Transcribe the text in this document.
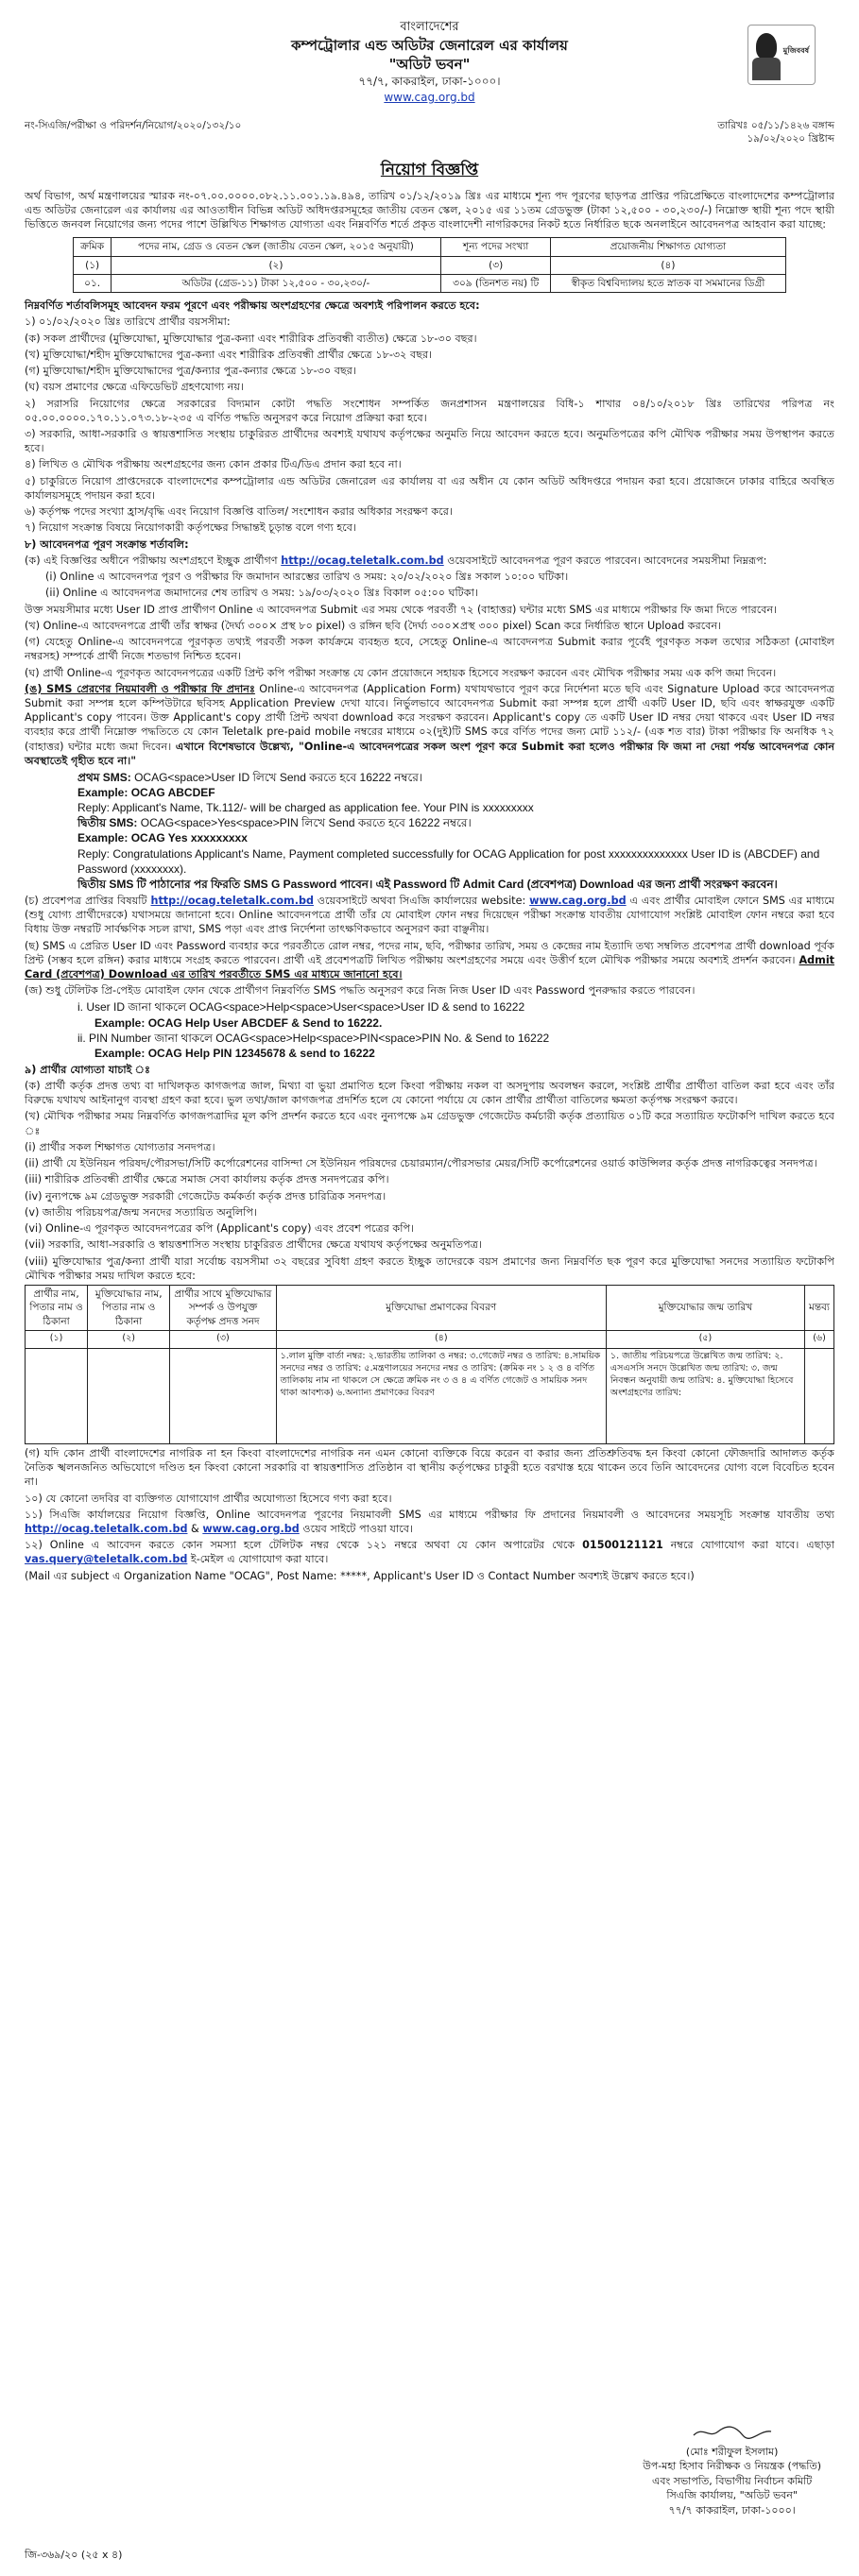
বাংলাদেশের
কম্পট্রোলার এন্ড অডিটর জেনারেল এর কার্যালয়
"অডিট ভবন"
৭৭/৭, কাকরাইল, ঢাকা-১০০০।
www.cag.org.bd
মুজিববর্ষ
নং-সিএজি/পরীক্ষা ও পরিদর্শন/নিয়োগ/২০২০/১৩২/১০	তারিখঃ ০৫/১১/১৪২৬ বঙ্গাব্দ
১৯/০২/২০২০ খ্রিষ্টাব্দ
নিয়োগ বিজ্ঞপ্তি

অর্থ বিভাগ, অর্থ মন্ত্রণালয়ের স্মারক নং-০৭.০০.০০০০.০৮২.১১.০০১.১৯.৪৯৪, তারিখ ০১/১২/২০১৯ খ্রিঃ এর মাধ্যমে শূন্য পদ পূরণের ছাড়পত্র প্রাপ্তির পরিপ্রেক্ষিতে বাংলাদেশের কম্পট্রোলার এন্ড অডিটর জেনারেল এর কার্যালয় এর আওতাধীন বিভিন্ন অডিট অধিদপ্তরসমূহের জাতীয় বেতন স্কেল, ২০১৫ এর ১১তম গ্রেডভুক্ত (টাকা ১২,৫০০ - ৩০,২৩০/-) নিম্নোক্ত স্থায়ী শূন্য পদে স্থায়ী ভিত্তিতে জনবল নিয়োগের জন্য পদের পাশে উল্লিখিত শিক্ষাগত যোগ্যতা এবং নিম্নবর্ণিত শর্তে প্রকৃত বাংলাদেশী নাগরিকদের নিকট হতে নির্ধারিত ছকে অনলাইনে আবেদনপত্র আহবান করা যাচ্ছে:

ক্রমিক	পদের নাম, গ্রেড ও বেতন স্কেল (জাতীয় বেতন স্কেল, ২০১৫ অনুযায়ী)	শূন্য পদের সংখ্যা	প্রয়োজনীয় শিক্ষাগত যোগ্যতা
(১)	(২)	(৩)	(৪)
০১.	অডিটর (গ্রেড-১১) টাকা ১২,৫০০ - ৩০,২৩০/-	৩০৯ (তিনশত নয়) টি	স্বীকৃত বিশ্ববিদ্যালয় হতে স্নাতক বা সমমানের ডিগ্রী

নিম্নবর্ণিত শর্তাবলিসমূহ আবেদন ফরম পূরণে এবং পরীক্ষায় অংশগ্রহণের ক্ষেত্রে অবশ্যই পরিপালন করতে হবে:

১) ০১/০২/২০২০ খ্রিঃ তারিখে প্রার্থীর বয়সসীমা:

(ক) সকল প্রার্থীদের (মুক্তিযোদ্ধা, মুক্তিযোদ্ধার পুত্র-কন্যা এবং শারীরিক প্রতিবন্ধী ব্যতীত) ক্ষেত্রে ১৮-৩০ বছর।

(খ) মুক্তিযোদ্ধা/শহীদ মুক্তিযোদ্ধাদের পুত্র-কন্যা এবং শারীরিক প্রতিবন্ধী প্রার্থীর ক্ষেত্রে ১৮-৩২ বছর।

(গ) মুক্তিযোদ্ধা/শহীদ মুক্তিযোদ্ধাদের পুত্র/কন্যার পুত্র-কন্যার ক্ষেত্রে ১৮-৩০ বছর।

(ঘ) বয়স প্রমাণের ক্ষেত্রে এফিডেভিট গ্রহণযোগ্য নয়।

২) সরাসরি নিয়োগের ক্ষেত্রে সরকারের বিদ্যমান কোটা পদ্ধতি সংশোধন সম্পর্কিত জনপ্রশাসন মন্ত্রণালয়ের বিধি-১ শাখার ০৪/১০/২০১৮ খ্রিঃ তারিখের পরিপত্র নং ০৫.০০.০০০০.১৭০.১১.০৭৩.১৮-২৩৫ এ বর্ণিত পদ্ধতি অনুসরণ করে নিয়োগ প্রক্রিয়া করা হবে।

৩) সরকারি, আধা-সরকারি ও স্বায়ত্তশাসিত সংস্থায় চাকুরিরত প্রার্থীদের অবশ্যই যথাযথ কর্তৃপক্ষের অনুমতি নিয়ে আবেদন করতে হবে। অনুমতিপত্রের কপি মৌখিক পরীক্ষার সময় উপস্থাপন করতে হবে।

৪) লিখিত ও মৌখিক পরীক্ষায় অংশগ্রহণের জন্য কোন প্রকার টিএ/ডিএ প্রদান করা হবে না।

৫) চাকুরিতে নিয়োগ প্রাপ্তদেরকে বাংলাদেশের কম্পট্রোলার এন্ড অডিটর জেনারেল এর কার্যালয় বা এর অধীন যে কোন অডিট অধিদপ্তরে পদায়ন করা হবে। প্রয়োজনে ঢাকার বাহিরে অবস্থিত কার্যালয়সমূহে পদায়ন করা হবে।

৬) কর্তৃপক্ষ পদের সংখ্যা হ্রাস/বৃদ্ধি এবং নিয়োগ বিজ্ঞপ্তি বাতিল/ সংশোধন করার অধিকার সংরক্ষণ করে।

৭) নিয়োগ সংক্রান্ত বিষয়ে নিয়োগকারী কর্তৃপক্ষের সিদ্ধান্তই চূড়ান্ত বলে গণ্য হবে।

৮) আবেদনপত্র পূরণ সংক্রান্ত শর্তাবলি:

(ক) এই বিজ্ঞপ্তির অধীনে পরীক্ষায় অংশগ্রহণে ইচ্ছুক প্রার্থীগণ http://ocag.teletalk.com.bd ওয়েবসাইটে আবেদনপত্র পূরণ করতে পারবেন। আবেদনের সময়সীমা নিম্নরূপ:

(i) Online এ আবেদনপত্র পূরণ ও পরীক্ষার ফি জমাদান আরম্ভের তারিখ ও সময়: ২০/০২/২০২০ খ্রিঃ সকাল ১০:০০ ঘটিকা।

(ii) Online এ আবেদনপত্র জমাদানের শেষ তারিখ ও সময়: ১৯/০৩/২০২০ খ্রিঃ বিকাল ০৫:০০ ঘটিকা।

উক্ত সময়সীমার মধ্যে User ID প্রাপ্ত প্রার্থীগণ Online এ আবেদনপত্র Submit এর সময় থেকে পরবর্তী ৭২ (বাহাত্তর) ঘন্টার মধ্যে SMS এর মাধ্যমে পরীক্ষার ফি জমা দিতে পারবেন।

(খ) Online-এ আবেদনপত্রে প্রার্থী তাঁর স্বাক্ষর (দৈর্ঘ্য ৩০০× প্রস্থ ৮০ pixel) ও রঙ্গিন ছবি (দৈর্ঘ্য ৩০০×প্রস্থ ৩০০ pixel) Scan করে নির্ধারিত স্থানে Upload করবেন।

(গ) যেহেতু Online-এ আবেদনপত্রে পূরণকৃত তথ্যই পরবর্তী সকল কার্যক্রমে ব্যবহৃত হবে, সেহেতু Online-এ আবেদনপত্র Submit করার পূর্বেই পূরণকৃত সকল তথ্যের সঠিকতা (মোবাইল নম্বরসহ) সম্পর্কে প্রার্থী নিজে শতভাগ নিশ্চিত হবেন।

(ঘ) প্রার্থী Online-এ পূরণকৃত আবেদনপত্রের একটি প্রিন্ট কপি পরীক্ষা সংক্রান্ত যে কোন প্রয়োজনে সহায়ক হিসেবে সংরক্ষণ করবেন এবং মৌখিক পরীক্ষার সময় এক কপি জমা দিবেন।

(ঙ) SMS প্রেরণের নিয়মাবলী ও পরীক্ষার ফি প্রদানঃ Online-এ আবেদনপত্র (Application Form) যথাযথভাবে পূরণ করে নির্দেশনা মতে ছবি এবং Signature Upload করে আবেদনপত্র Submit করা সম্পন্ন হলে কম্পিউটারে ছবিসহ Application Preview দেখা যাবে। নির্ভুলভাবে আবেদনপত্র Submit করা সম্পন্ন হলে প্রার্থী একটি User ID, ছবি এবং স্বাক্ষরযুক্ত একটি Applicant's copy পাবেন। উক্ত Applicant's copy প্রার্থী প্রিন্ট অথবা download করে সংরক্ষণ করবেন। Applicant's copy তে একটি User ID নম্বর দেয়া থাকবে এবং User ID নম্বর ব্যবহার করে প্রার্থী নিম্নোক্ত পদ্ধতিতে যে কোন Teletalk pre-paid mobile নম্বরের মাধ্যমে ০২(দুই)টি SMS করে বর্ণিত পদের জন্য মোট ১১২/- (এক শত বার) টাকা পরীক্ষার ফি অনধিক ৭২ (বাহাত্তর) ঘন্টার মধ্যে জমা দিবেন। এখানে বিশেষভাবে উল্লেখ্য, "Online-এ আবেদনপত্রের সকল অংশ পূরণ করে Submit করা হলেও পরীক্ষার ফি জমা না দেয়া পর্যন্ত আবেদনপত্র কোন অবস্থাতেই গৃহীত হবে না।"

প্রথম SMS: OCAG<space>User ID লিখে Send করতে হবে 16222 নম্বরে।
Example: OCAG ABCDEF
Reply: Applicant's Name, Tk.112/- will be charged as application fee. Your PIN is xxxxxxxxx
দ্বিতীয় SMS: OCAG<space>Yes<space>PIN লিখে Send করতে হবে 16222 নম্বরে।
Example: OCAG Yes xxxxxxxxx
Reply: Congratulations Applicant's Name, Payment completed successfully for OCAG Application for post xxxxxxxxxxxxxx User ID is (ABCDEF) and Password (xxxxxxxx).
দ্বিতীয় SMS টি পাঠানোর পর ফিরতি SMS G Password পাবেন। এই Password টি Admit Card (প্রবেশপত্র) Download এর জন্য প্রার্থী সংরক্ষণ করবেন।

(চ) প্রবেশপত্র প্রাপ্তির বিষয়টি http://ocag.teletalk.com.bd ওয়েবসাইটে অথবা সিএজি কার্যালয়ের website: www.cag.org.bd এ এবং প্রার্থীর মোবাইল ফোনে SMS এর মাধ্যমে (শুধু যোগ্য প্রার্থীদেরকে) যথাসময়ে জানানো হবে। Online আবেদনপত্রে প্রার্থী তাঁর যে মোবাইল ফোন নম্বর দিয়েছেন পরীক্ষা সংক্রান্ত যাবতীয় যোগাযোগ সংশ্লিষ্ট মোবাইল ফোন নম্বরে করা হবে বিধায় উক্ত নম্বরটি সার্বক্ষণিক সচল রাখা, SMS পড়া এবং প্রাপ্ত নির্দেশনা তাৎক্ষণিকভাবে অনুসরণ করা বাঞ্ছনীয়।

(ছ) SMS এ প্রেরিত User ID এবং Password ব্যবহার করে পরবর্তীতে রোল নম্বর, পদের নাম, ছবি, পরীক্ষার তারিখ, সময় ও কেন্দ্রের নাম ইত্যাদি তথ্য সম্বলিত প্রবেশপত্র প্রার্থী download পূর্বক প্রিন্ট (সম্ভব হলে রঙ্গিন) করার মাধ্যমে সংগ্রহ করতে পারবেন। প্রার্থী এই প্রবেশপত্রটি লিখিত পরীক্ষায় অংশগ্রহণের সময়ে এবং উত্তীর্ণ হলে মৌখিক পরীক্ষার সময়ে অবশ্যই প্রদর্শন করবেন। Admit Card (প্রবেশপত্র) Download এর তারিখ পরবর্তীতে SMS এর মাধ্যমে জানানো হবে।

(জ) শুধু টেলিটক প্রি-পেইড মোবাইল ফোন থেকে প্রার্থীগণ নিম্নবর্ণিত SMS পদ্ধতি অনুসরণ করে নিজ নিজ User ID এবং Password পুনরুদ্ধার করতে পারবেন।

i. User ID জানা থাকলে OCAG<space>Help<space>User<space>User ID & send to 16222
Example: OCAG Help User ABCDEF & Send to 16222.
ii. PIN Number জানা থাকলে OCAG<space>Help<space>PIN<space>PIN No. & Send to 16222
Example: OCAG Help PIN 12345678 & send to 16222

৯) প্রার্থীর যোগ্যতা যাচাই ঃ

(ক) প্রার্থী কর্তৃক প্রদত্ত তথ্য বা দাখিলকৃত কাগজপত্র জাল, মিথ্যা বা ভুয়া প্রমাণিত হলে কিংবা পরীক্ষায় নকল বা অসদুপায় অবলম্বন করলে, সংশ্লিষ্ট প্রার্থীর প্রার্থীতা বাতিল করা হবে এবং তাঁর বিরুদ্ধে যথাযথ আইনানুগ ব্যবস্থা গ্রহণ করা হবে। ভুল তথ্য/জাল কাগজপত্র প্রদর্শিত হলে যে কোনো পর্যায়ে যে কোন প্রার্থীর প্রার্থীতা বাতিলের ক্ষমতা কর্তৃপক্ষ সংরক্ষণ করবে।

(খ) মৌখিক পরীক্ষার সময় নিম্নবর্ণিত কাগজপত্রাদির মূল কপি প্রদর্শন করতে হবে এবং নুন্যপক্ষে ৯ম গ্রেডভুক্ত গেজেটেড কর্মচারী কর্তৃক প্রত্যায়িত ০১টি করে সত্যায়িত ফটোকপি দাখিল করতে হবে ঃ

(i) প্রার্থীর সকল শিক্ষাগত যোগ্যতার সনদপত্র।

(ii) প্রার্থী যে ইউনিয়ন পরিষদ/পৌরসভা/সিটি কর্পোরেশনের বাসিন্দা সে ইউনিয়ন পরিষদের চেয়ারম্যান/পৌরসভার মেয়র/সিটি কর্পোরেশনের ওয়ার্ড কাউন্সিলর কর্তৃক প্রদত্ত নাগরিকত্বের সনদপত্র।

(iii) শারীরিক প্রতিবন্ধী প্রার্থীর ক্ষেত্রে সমাজ সেবা কার্যালয় কর্তৃক প্রদত্ত সনদপত্রের কপি।

(iv) নুন্যপক্ষে ৯ম গ্রেডভুক্ত সরকারী গেজেটেড কর্মকর্তা কর্তৃক প্রদত্ত চারিত্রিক সনদপত্র।

(v) জাতীয় পরিচয়পত্র/জন্ম সনদের সত্যায়িত অনুলিপি।

(vi) Online-এ পূরণকৃত আবেদনপত্রের কপি (Applicant's copy) এবং প্রবেশ পত্রের কপি।

(vii) সরকারি, আধা-সরকারি ও স্বায়ত্তশাসিত সংস্থায় চাকুরিরত প্রার্থীদের ক্ষেত্রে যথাযথ কর্তৃপক্ষের অনুমতিপত্র।

(viii) মুক্তিযোদ্ধার পুত্র/কন্যা প্রার্থী যারা সর্বোচ্চ বয়সসীমা ৩২ বছরের সুবিধা গ্রহণ করতে ইচ্ছুক তাদেরকে বয়স প্রমাণের জন্য নিম্নবর্ণিত ছক পূরণ করে মুক্তিযোদ্ধা সনদের সত্যায়িত ফটোকপি মৌখিক পরীক্ষার সময় দাখিল করতে হবে:

প্রার্থীর নাম, পিতার নাম ও ঠিকানা	মুক্তিযোদ্ধার নাম, পিতার নাম ও ঠিকানা	প্রার্থীর সাথে মুক্তিযোদ্ধার সম্পর্ক ও উপযুক্ত কর্তৃপক্ষ প্রদত্ত সনদ	মুক্তিযোদ্ধা প্রমাণকের বিবরণ	মুক্তিযোদ্ধার জন্ম তারিখ	মন্তব্য
(১)	(২)	(৩)	(৪)	(৫)	(৬)
			১.লাল মুক্তি বার্তা নম্বর: ২.ভারতীয় তালিকা ও নম্বর: ৩.গেজেট নম্বর ও তারিখ: ৪.সাময়িক সনদের নম্বর ও তারিখ: ৫.মন্ত্রণালয়ের সনদের নম্বর ও তারিখ: (ক্রমিক নং ১ ২ ও ৪ বর্ণিত তালিকায় নাম না থাকলে সে ক্ষেত্রে ক্রমিক নং ৩ ও ৪ এ বর্ণিত গেজেট ও সাময়িক সনদ থাকা আবশ্যক) ৬.অন্যান্য প্রমাণকের বিবরণ	১. জাতীয় পরিচয়পত্রে উল্লেখিত জন্ম তারিখ: ২. এসএসসি সনদে উল্লেখিত জন্ম তারিখ: ৩. জন্ম নিবন্ধন অনুযায়ী জন্ম তারিখ: ৪. মুক্তিযোদ্ধা হিসেবে অংশগ্রহণের তারিখ:	

(গ) যদি কোন প্রার্থী বাংলাদেশের নাগরিক না হন কিংবা বাংলাদেশের নাগরিক নন এমন কোনো ব্যক্তিকে বিয়ে করেন বা করার জন্য প্রতিশ্রুতিবদ্ধ হন কিংবা কোনো ফৌজদারি আদালত কর্তৃক নৈতিক স্খলনজনিত অভিযোগে দণ্ডিত হন কিংবা কোনো সরকারি বা স্বায়ত্তশাসিত প্রতিষ্ঠান বা স্থানীয় কর্তৃপক্ষের চাকুরী হতে বরখাস্ত হয়ে থাকেন তবে তিনি আবেদনের যোগ্য বলে বিবেচিত হবেন না।

১০) যে কোনো তদবির বা ব্যক্তিগত যোগাযোগ প্রার্থীর অযোগ্যতা হিসেবে গণ্য করা হবে।

১১) সিএজি কার্যালয়ের নিয়োগ বিজ্ঞপ্তি, Online আবেদনপত্র পূরণের নিয়মাবলী SMS এর মাধ্যমে পরীক্ষার ফি প্রদানের নিয়মাবলী ও আবেদনের সময়সূচি সংক্রান্ত যাবতীয় তথ্য http://ocag.teletalk.com.bd & www.cag.org.bd ওয়েব সাইটে পাওয়া যাবে।

১২) Online এ আবেদন করতে কোন সমস্যা হলে টেলিটক নম্বর থেকে ১২১ নম্বরে অথবা যে কোন অপারেটর থেকে 01500121121 নম্বরে যোগাযোগ করা যাবে। এছাড়া vas.query@teletalk.com.bd ই-মেইল এ যোগাযোগ করা যাবে।

(Mail এর subject এ Organization Name "OCAG", Post Name: *****, Applicant's User ID ও Contact Number অবশ্যই উল্লেখ করতে হবে।)

(মোঃ শরীফুল ইসলাম)
উপ-মহা হিসাব নিরীক্ষক ও নিয়ন্ত্রক (পদ্ধতি)
এবং সভাপতি, বিভাগীয় নির্বাচন কমিটি
সিএজি কার্যালয়, "অডিট ভবন"
৭৭/৭ কাকরাইল, ঢাকা-১০০০।
জি-৩৬৯/২০ (২৫ x ৪)
